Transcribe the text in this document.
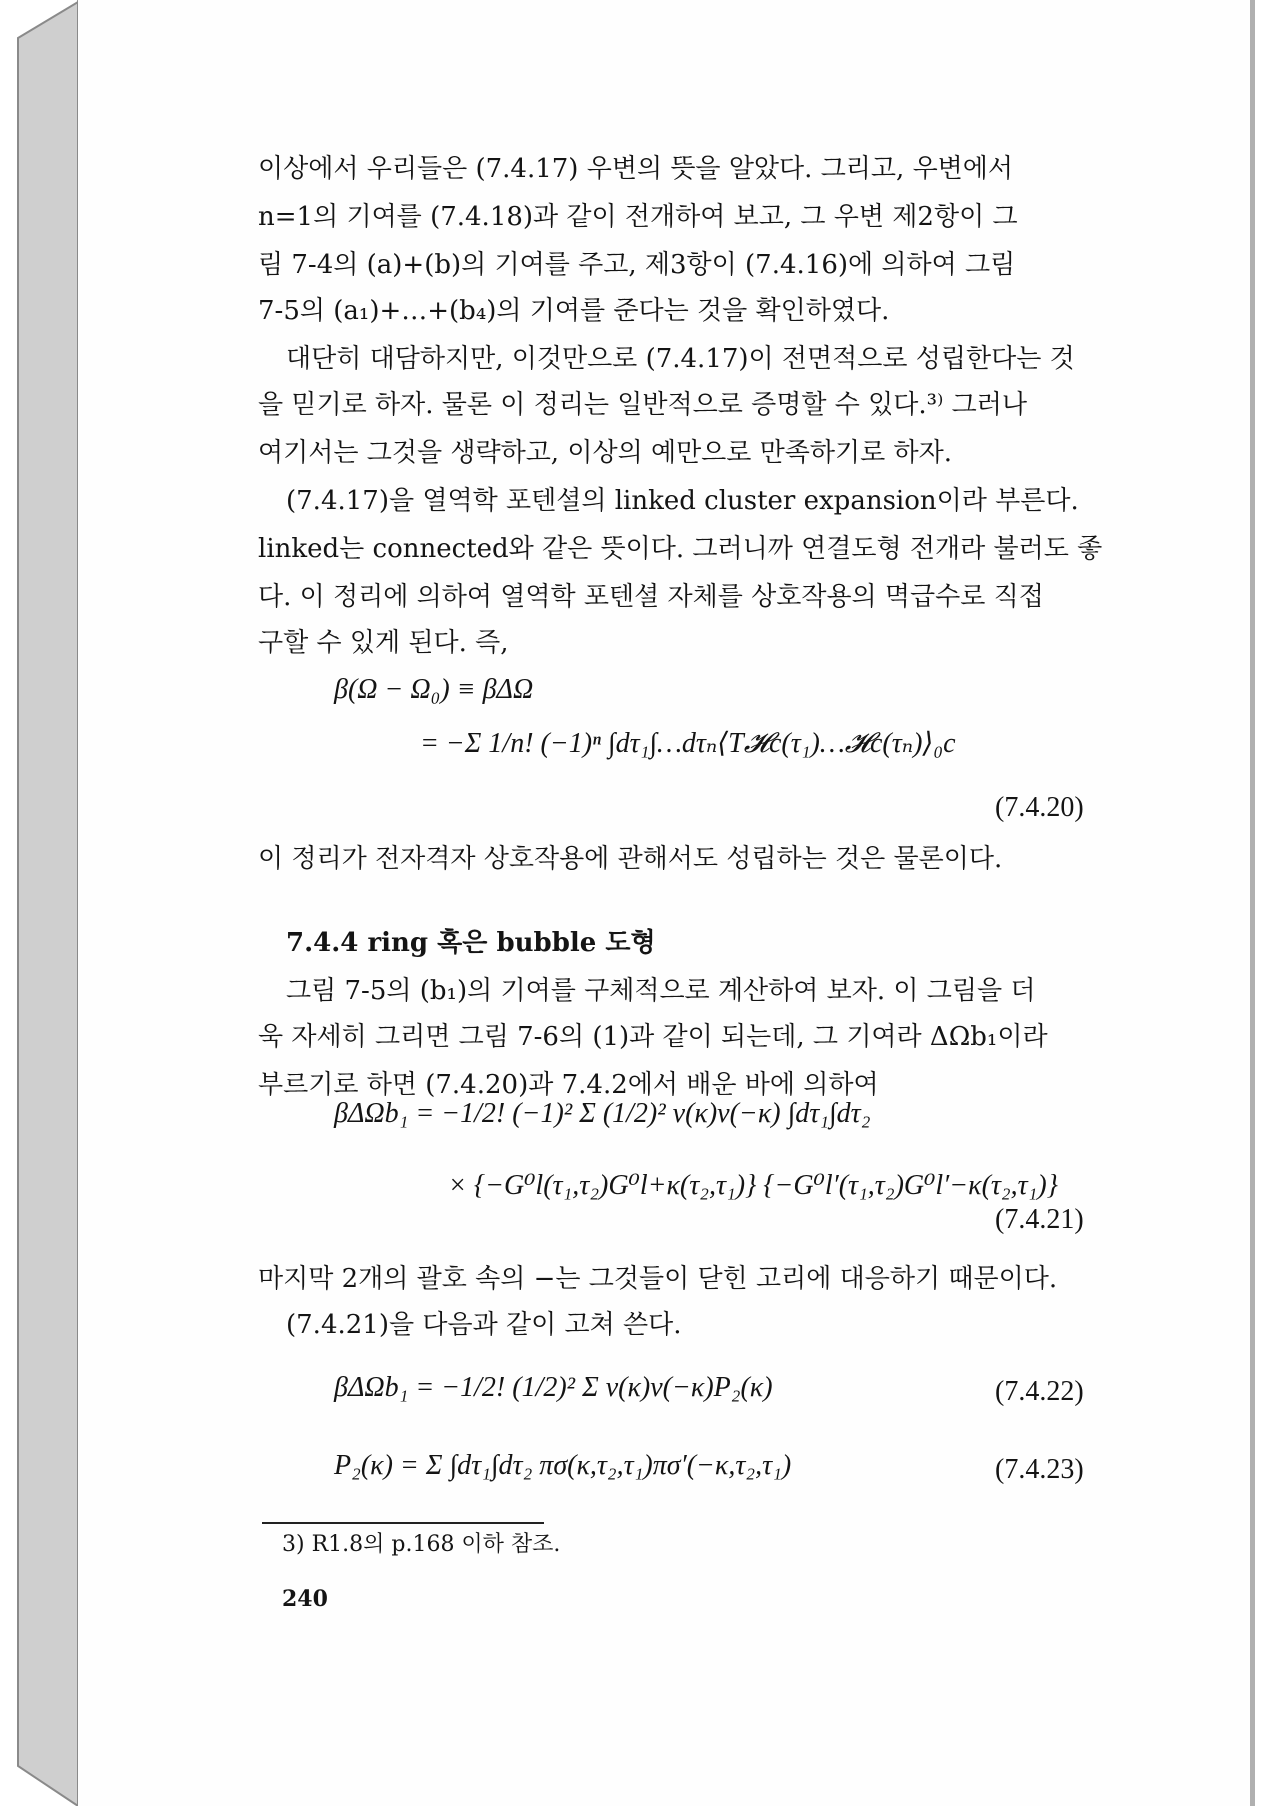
이상에서 우리들은 (7.4.17) 우변의 뜻을 알았다. 그리고, 우변에서
n=1의 기여를 (7.4.18)과 같이 전개하여 보고, 그 우변 제2항이 그
림 7-4의 (a)+(b)의 기여를 주고, 제3항이 (7.4.16)에 의하여 그림
7-5의 (a₁)+…+(b₄)의 기여를 준다는 것을 확인하였다.
대단히 대담하지만, 이것만으로 (7.4.17)이 전면적으로 성립한다는 것
을 믿기로 하자. 물론 이 정리는 일반적으로 증명할 수 있다.³⁾ 그러나
여기서는 그것을 생략하고, 이상의 예만으로 만족하기로 하자.
(7.4.17)을 열역학 포텐셜의 linked cluster expansion이라 부른다.
linked는 connected와 같은 뜻이다. 그러니까 연결도형 전개라 불러도 좋
다. 이 정리에 의하여 열역학 포텐셜 자체를 상호작용의 멱급수로 직접
구할 수 있게 된다. 즉,
β(Ω − Ω₀) ≡ βΔΩ
= −Σ 1/n! (−1)ⁿ ∫dτ₁∫…dτₙ⟨T𝓗c(τ₁)…𝓗c(τₙ)⟩₀c
(7.4.20)
이 정리가 전자격자 상호작용에 관해서도 성립하는 것은 물론이다.
7.4.4 ring 혹은 bubble 도형
그림 7-5의 (b₁)의 기여를 구체적으로 계산하여 보자. 이 그림을 더
욱 자세히 그리면 그림 7-6의 (1)과 같이 되는데, 그 기여라 ΔΩb₁이라
부르기로 하면 (7.4.20)과 7.4.2에서 배운 바에 의하여
βΔΩb₁ = −1/2! (−1)² Σ (1/2)² v(κ)v(−κ) ∫dτ₁∫dτ₂
× {−G⁰l(τ₁,τ₂)G⁰l+κ(τ₂,τ₁)} {−G⁰l′(τ₁,τ₂)G⁰l′−κ(τ₂,τ₁)}
(7.4.21)
마지막 2개의 괄호 속의 −는 그것들이 닫힌 고리에 대응하기 때문이다.
(7.4.21)을 다음과 같이 고쳐 쓴다.
βΔΩb₁ = −1/2! (1/2)² Σ v(κ)v(−κ)P₂(κ)	(7.4.22)
P₂(κ) = Σ ∫dτ₁∫dτ₂ πσ(κ,τ₂,τ₁)πσ′(−κ,τ₂,τ₁)	(7.4.23)
3) R1.8의 p.168 이하 참조.
240
